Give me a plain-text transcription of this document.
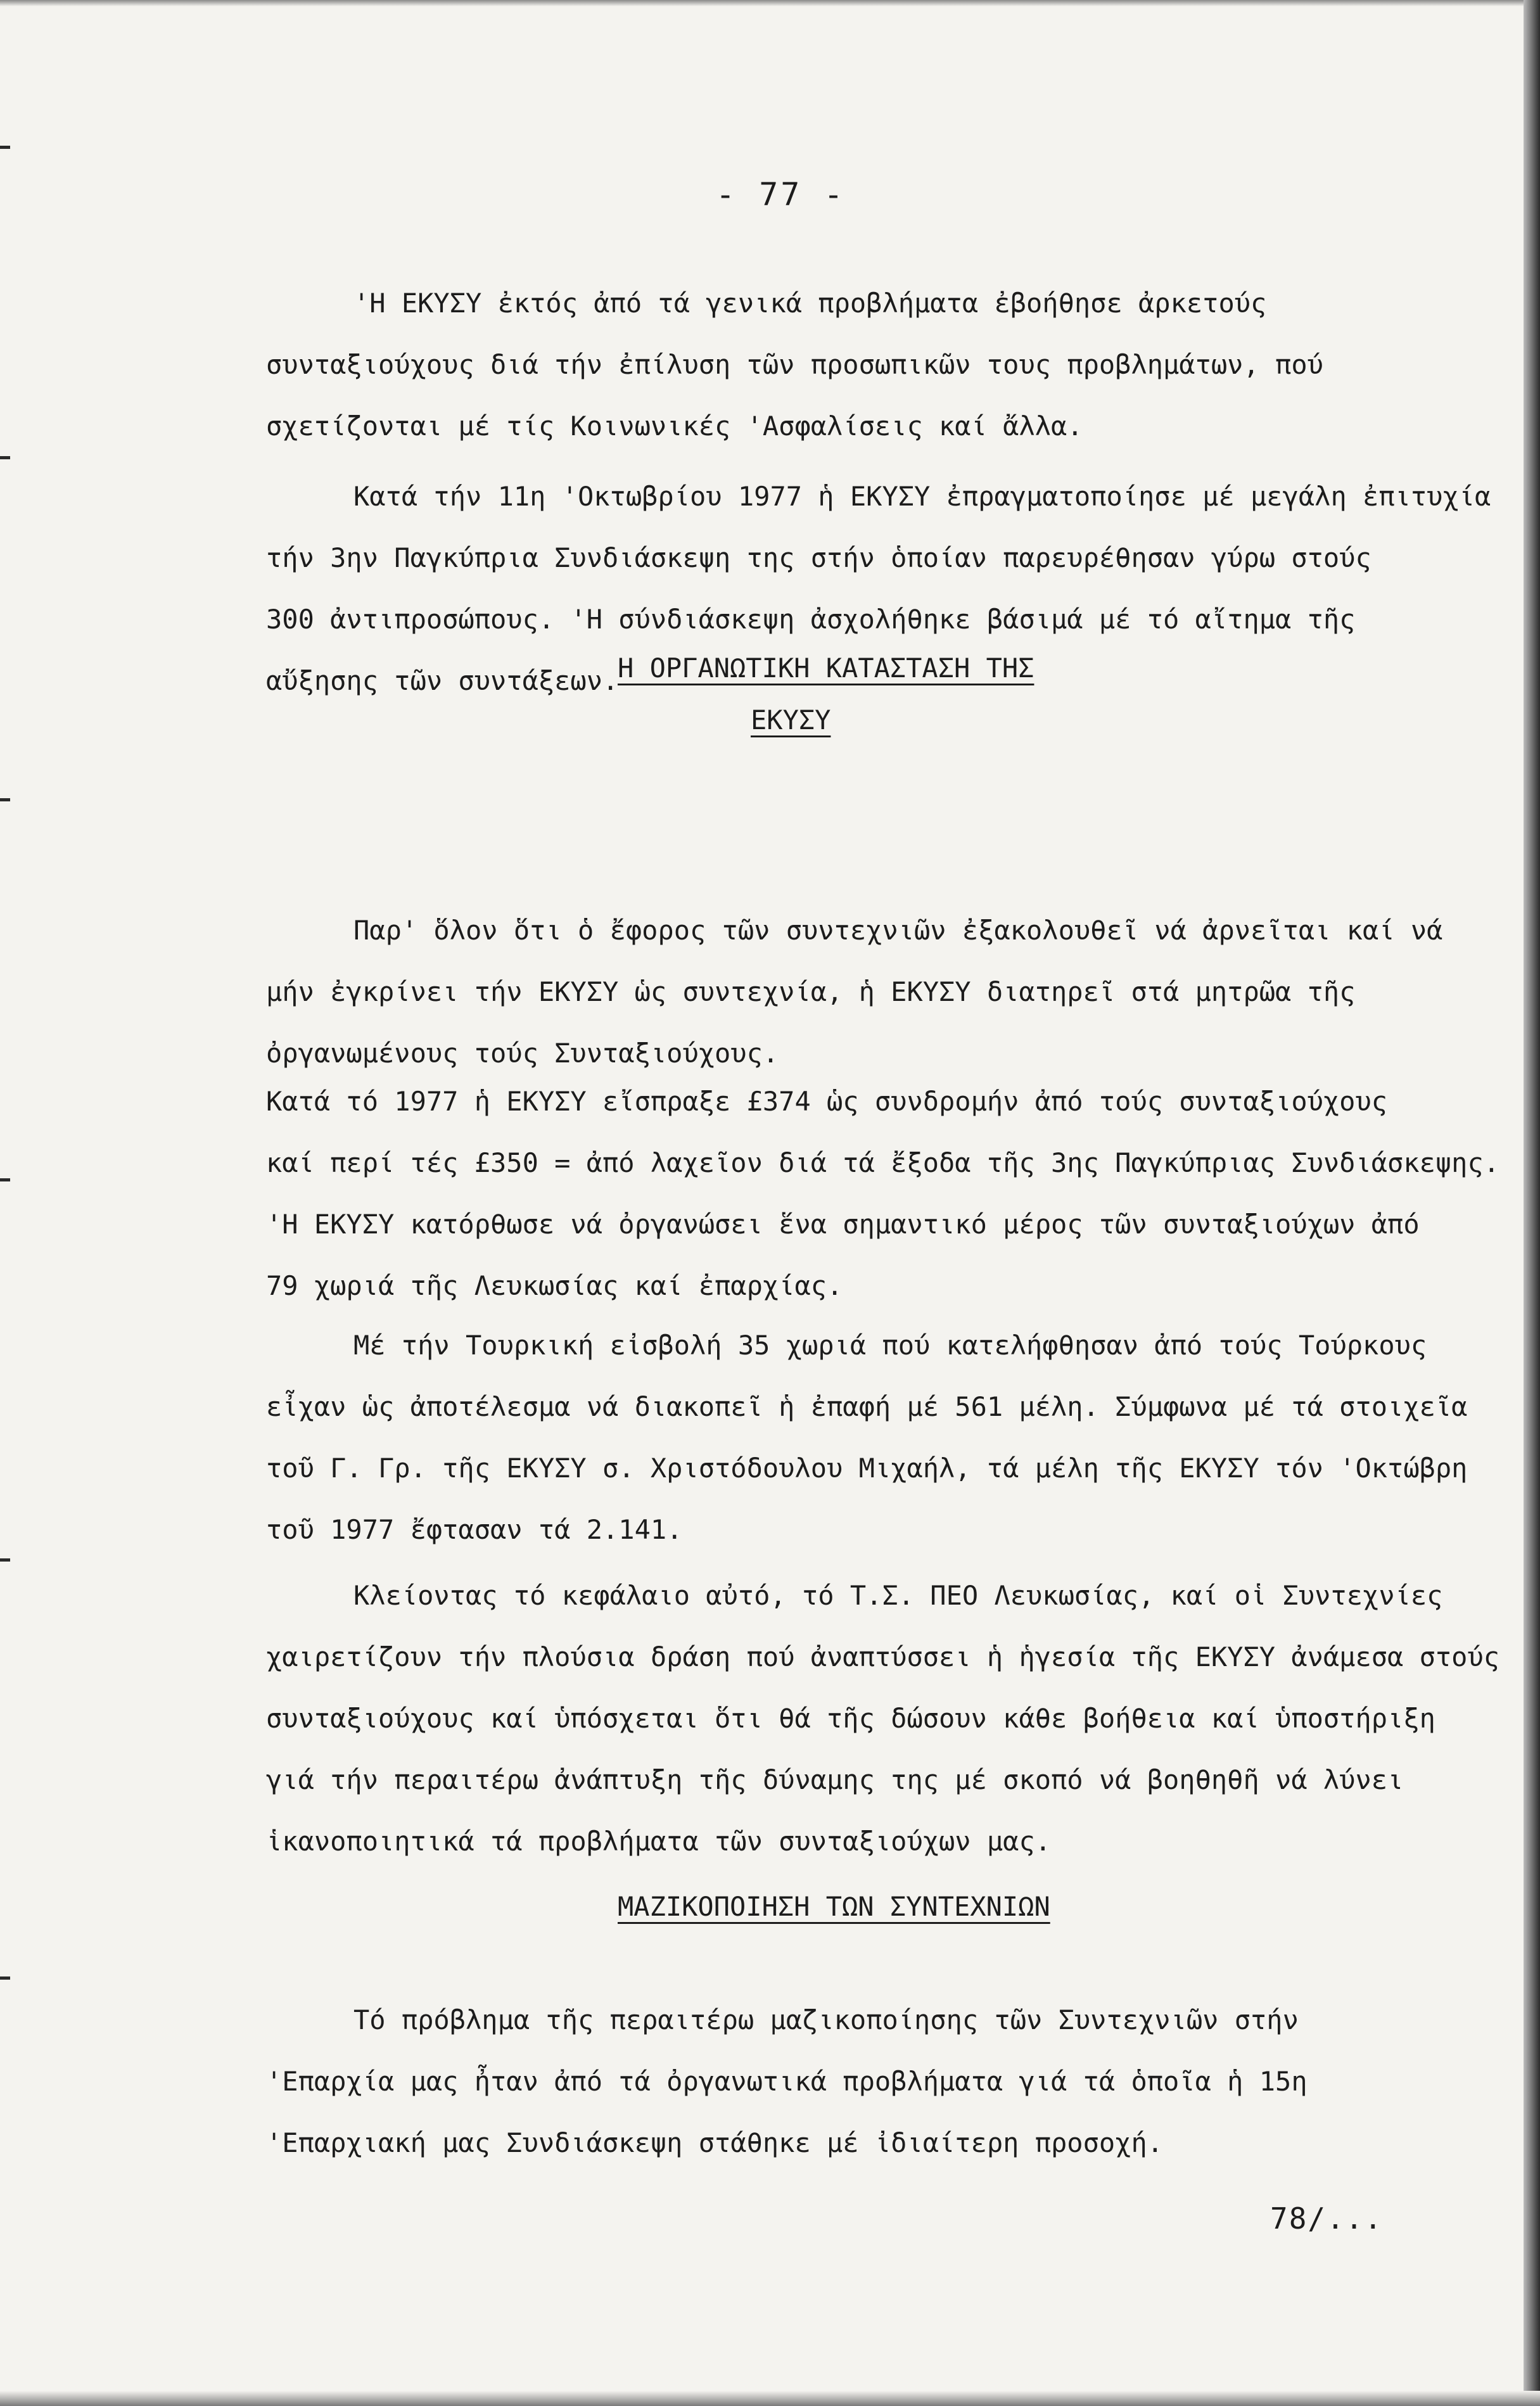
- 77 -
'Η ΕΚΥΣΥ ἐκτός ἀπό τά γενικά προβλήματα ἐβοήθησε ἀρκετούς
συνταξιούχους διά τήν ἐπίλυση τῶν προσωπικῶν τους προβλημάτων, πού
σχετίζονται μέ τίς Κοινωνικές 'Ασφαλίσεις καί ἄλλα.
Κατά τήν 11η 'Οκτωβρίου 1977 ἡ ΕΚΥΣΥ ἐπραγματοποίησε μέ μεγάλη ἐπιτυχία
τήν 3ην Παγκύπρια Συνδιάσκεψη της στήν ὁποίαν παρευρέθησαν γύρω στούς
300 ἀντιπροσώπους. 'Η σύνδιάσκεψη ἀσχολήθηκε βάσιμά μέ τό αἴτημα τῆς
αὔξησης τῶν συντάξεων.
Η ΟΡΓΑΝΩΤΙΚΗ ΚΑΤΑΣΤΑΣΗ ΤΗΣ
ΕΚΥΣΥ
Παρ' ὅλον ὅτι ὁ ἔφορος τῶν συντεχνιῶν ἐξακολουθεῖ νά ἀρνεῖται καί νά
μήν ἐγκρίνει τήν ΕΚΥΣΥ ὡς συντεχνία, ἡ ΕΚΥΣΥ διατηρεῖ στά μητρῶα τῆς
ὀργανωμένους τούς Συνταξιούχους.
Κατά τό 1977 ἡ ΕΚΥΣΥ εἴσπραξε £374 ὡς συνδρομήν ἀπό τούς συνταξιούχους
καί περί τές £350 = ἀπό λαχεῖον διά τά ἔξοδα τῆς 3ης Παγκύπριας Συνδιάσκεψης.
'Η ΕΚΥΣΥ κατόρθωσε νά ὀργανώσει ἕνα σημαντικό μέρος τῶν συνταξιούχων ἀπό
79 χωριά τῆς Λευκωσίας καί ἐπαρχίας.
Μέ τήν Τουρκική εἰσβολή 35 χωριά πού κατελήφθησαν ἀπό τούς Τούρκους
εἶχαν ὡς ἀποτέλεσμα νά διακοπεῖ ἡ ἐπαφή μέ 561 μέλη. Σύμφωνα μέ τά στοιχεῖα
τοῦ Γ. Γρ. τῆς ΕΚΥΣΥ σ. Χριστόδουλου Μιχαήλ, τά μέλη τῆς ΕΚΥΣΥ τόν 'Οκτώβρη
τοῦ 1977 ἔφτασαν τά 2.141.
Κλείοντας τό κεφάλαιο αὐτό, τό Τ.Σ. ΠΕΟ Λευκωσίας, καί οἱ Συντεχνίες
χαιρετίζουν τήν πλούσια δράση πού ἀναπτύσσει ἡ ἡγεσία τῆς ΕΚΥΣΥ ἀνάμεσα στούς
συνταξιούχους καί ὑπόσχεται ὅτι θά τῆς δώσουν κάθε βοήθεια καί ὑποστήριξη
γιά τήν περαιτέρω ἀνάπτυξη τῆς δύναμης της μέ σκοπό νά βοηθηθῆ νά λύνει
ἱκανοποιητικά τά προβλήματα τῶν συνταξιούχων μας.
ΜΑΖΙΚΟΠΟΙΗΣΗ ΤΩΝ ΣΥΝΤΕΧΝΙΩΝ
Τό πρόβλημα τῆς περαιτέρω μαζικοποίησης τῶν Συντεχνιῶν στήν
'Επαρχία μας ἦταν ἀπό τά ὀργανωτικά προβλήματα γιά τά ὁποῖα ἡ 15η
'Επαρχιακή μας Συνδιάσκεψη στάθηκε μέ ἰδιαίτερη προσοχή.
78/...
